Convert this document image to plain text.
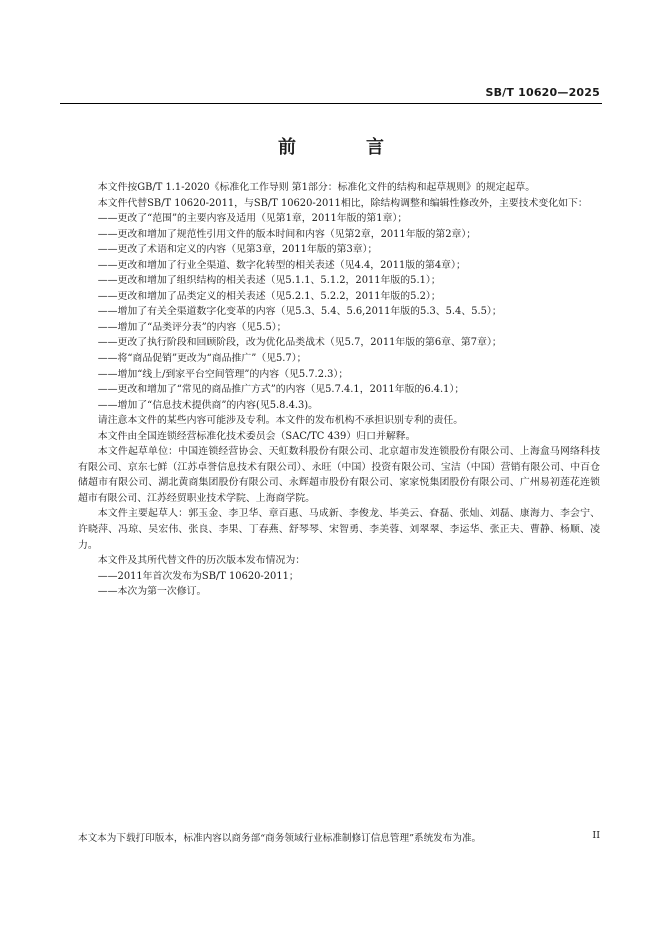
SB/T 10620—2025
前　言

本文件按GB/T 1.1-2020《标准化工作导则 第1部分：标准化文件的结构和起草规则》的规定起草。

本文件代替SB/T 10620-2011，与SB/T 10620-2011相比，除结构调整和编辑性修改外，主要技术变化如下：

——更改了“范围”的主要内容及适用（见第1章，2011年版的第1章）；

——更改和增加了规范性引用文件的版本时间和内容（见第2章，2011年版的第2章）；

——更改了术语和定义的内容（见第3章，2011年版的第3章）；

——更改和增加了行业全渠道、数字化转型的相关表述（见4.4，2011版的第4章）；

——更改和增加了组织结构的相关表述（见5.1.1、5.1.2，2011年版的5.1）；

——更改和增加了品类定义的相关表述（见5.2.1、5.2.2，2011年版的5.2）；

——增加了有关全渠道数字化变革的内容（见5.3、5.4、5.6,2011年版的5.3、5.4、5.5）；

——增加了“品类评分表”的内容（见5.5）；

——更改了执行阶段和回顾阶段，改为优化品类战术（见5.7，2011年版的第6章、第7章）；

——将“商品促销”更改为“商品推广”（见5.7）；

——增加“线上/到家平台空间管理”的内容（见5.7.2.3）；

——更改和增加了“常见的商品推广方式”的内容（见5.7.4.1，2011年版的6.4.1）；

——增加了“信息技术提供商”的内容(见5.8.4.3)。

请注意本文件的某些内容可能涉及专利。本文件的发布机构不承担识别专利的责任。

本文件由全国连锁经营标准化技术委员会（SAC/TC 439）归口并解释。

本文件起草单位：中国连锁经营协会、天虹数科股份有限公司、北京超市发连锁股份有限公司、上海盒马网络科技有限公司、京东七鲜（江苏卓誉信息技术有限公司）、永旺（中国）投资有限公司、宝洁（中国）营销有限公司、中百仓储超市有限公司、湖北黄商集团股份有限公司、永辉超市股份有限公司、家家悦集团股份有限公司、广州易初莲花连锁超市有限公司、江苏经贸职业技术学院、上海商学院。

本文件主要起草人：郭玉金、李卫华、章百惠、马成新、李俊龙、毕美云、眘磊、张灿、刘磊、康海力、李会宁、许晓萍、冯琼、吴宏伟、张良、李果、丁春燕、舒琴琴、宋智勇、李美蓉、刘翠翠、李运华、张正夫、曹静、杨顺、凌力。

本文件及其所代替文件的历次版本发布情况为：

——2011年首次发布为SB/T 10620-2011；

——本次为第一次修订。

本文本为下载打印版本，标准内容以商务部“商务领域行业标准制修订信息管理”系统发布为准。	II
